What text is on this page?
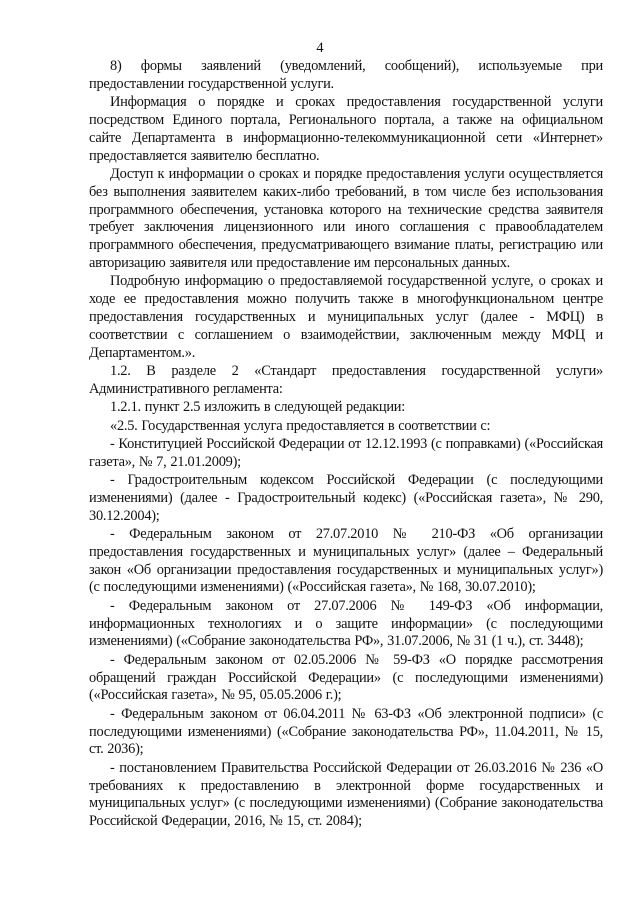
4

8) формы заявлений (уведомлений, сообщений), используемые при предоставлении государственной услуги.

Информация о порядке и сроках предоставления государственной услуги посредством Единого портала, Регионального портала, а также на официальном сайте Департамента в информационно-телекоммуникационной сети «Интернет» предоставляется заявителю бесплатно.

Доступ к информации о сроках и порядке предоставления услуги осуществляется без выполнения заявителем каких-либо требований, в том числе без использования программного обеспечения, установка которого на технические средства заявителя требует заключения лицензионного или иного соглашения с правообладателем программного обеспечения, предусматривающего взимание платы, регистрацию или авторизацию заявителя или предоставление им персональных данных.

Подробную информацию о предоставляемой государственной услуге, о сроках и ходе ее предоставления можно получить также в многофункциональном центре предоставления государственных и муниципальных услуг (далее - МФЦ) в соответствии с соглашением о взаимодействии, заключенным между МФЦ и Департаментом.».

1.2. В разделе 2 «Стандарт предоставления государственной услуги» Административного регламента:

1.2.1. пункт 2.5 изложить в следующей редакции:

«2.5. Государственная услуга предоставляется в соответствии с:

- Конституцией Российской Федерации от 12.12.1993 (с поправками) («Российская газета», № 7, 21.01.2009);

- Градостроительным кодексом Российской Федерации (с последующими изменениями) (далее - Градостроительный кодекс) («Российская газета», № 290, 30.12.2004);

- Федеральным законом от 27.07.2010 № 210-ФЗ «Об организации предоставления государственных и муниципальных услуг» (далее – Федеральный закон «Об организации предоставления государственных и муниципальных услуг») (с последующими изменениями) («Российская газета», № 168, 30.07.2010);

- Федеральным законом от 27.07.2006 № 149-ФЗ «Об информации, информационных технологиях и о защите информации» (с последующими изменениями) («Собрание законодательства РФ», 31.07.2006, № 31 (1 ч.), ст. 3448);

- Федеральным законом от 02.05.2006 № 59-ФЗ «О порядке рассмотрения обращений граждан Российской Федерации» (с последующими изменениями) («Российская газета», № 95, 05.05.2006 г.);

- Федеральным законом от 06.04.2011 № 63-ФЗ «Об электронной подписи» (с последующими изменениями) («Собрание законодательства РФ», 11.04.2011, № 15, ст. 2036);

- постановлением Правительства Российской Федерации от 26.03.2016 № 236 «О требованиях к предоставлению в электронной форме государственных и муниципальных услуг» (с последующими изменениями) (Собрание законодательства Российской Федерации, 2016, № 15, ст. 2084);
